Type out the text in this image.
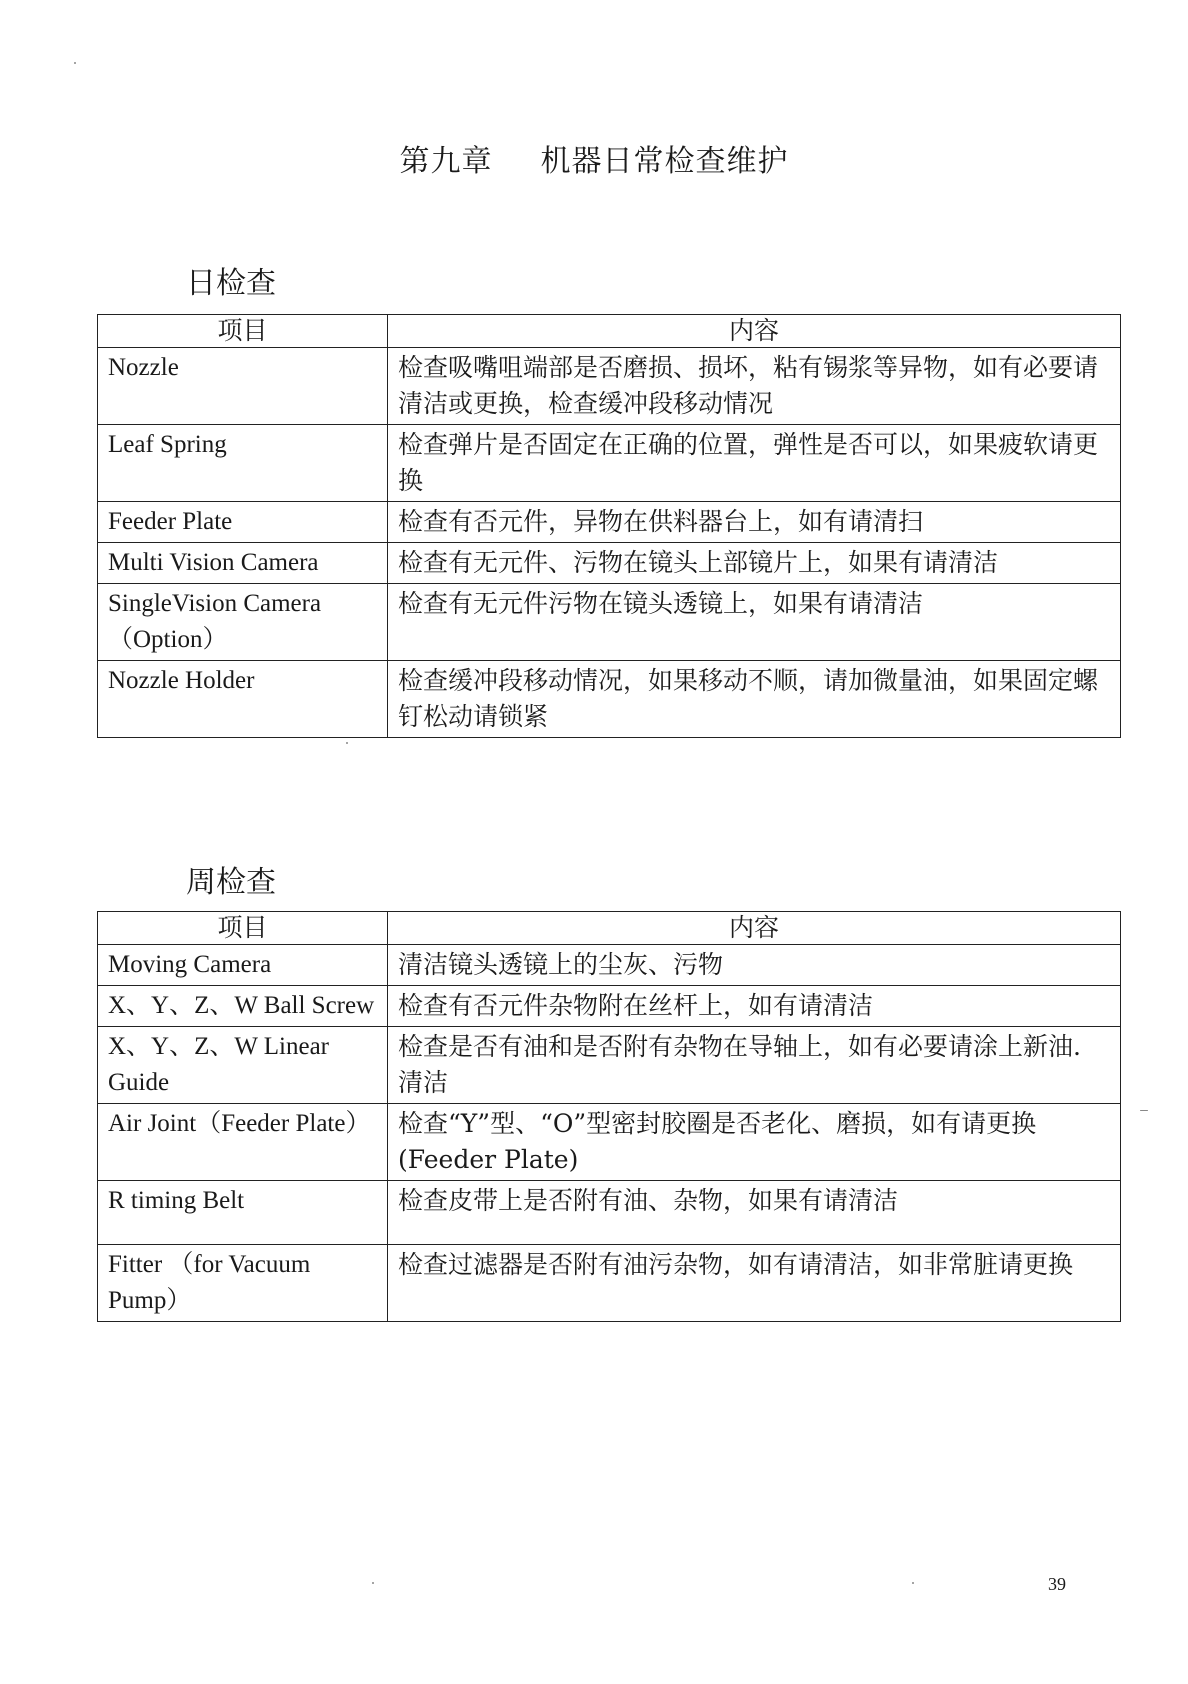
第九章 机器日常检查维护
日检查
项目	内容
Nozzle	检查吸嘴咀端部是否磨损、损坏，粘有锡浆等异物，如有必要请清洁或更换，检查缓冲段移动情况
Leaf Spring	检查弹片是否固定在正确的位置，弹性是否可以，如果疲软请更换
Feeder Plate	检查有否元件，异物在供料器台上，如有请清扫
Multi Vision Camera	检查有无元件、污物在镜头上部镜片上，如果有请清洁
SingleVision Camera（Option）	检查有无元件污物在镜头透镜上，如果有请清洁
Nozzle Holder	检查缓冲段移动情况，如果移动不顺，请加微量油，如果固定螺钉松动请锁紧
周检查
项目	内容
Moving Camera	清洁镜头透镜上的尘灰、污物
X、Y、Z、W Ball Screw	检查有否元件杂物附在丝杆上，如有请清洁
X、Y、Z、W Linear Guide	检查是否有油和是否附有杂物在导轴上，如有必要请涂上新油. 清洁
Air Joint（Feeder Plate）	检查“Y”型、“O”型密封胶圈是否老化、磨损，如有请更换 (Feeder Plate)
R timing Belt	检查皮带上是否附有油、杂物，如果有请清洁
Fitter （for Vacuum Pump）	检查过滤器是否附有油污杂物，如有请清洁，如非常脏请更换
39
